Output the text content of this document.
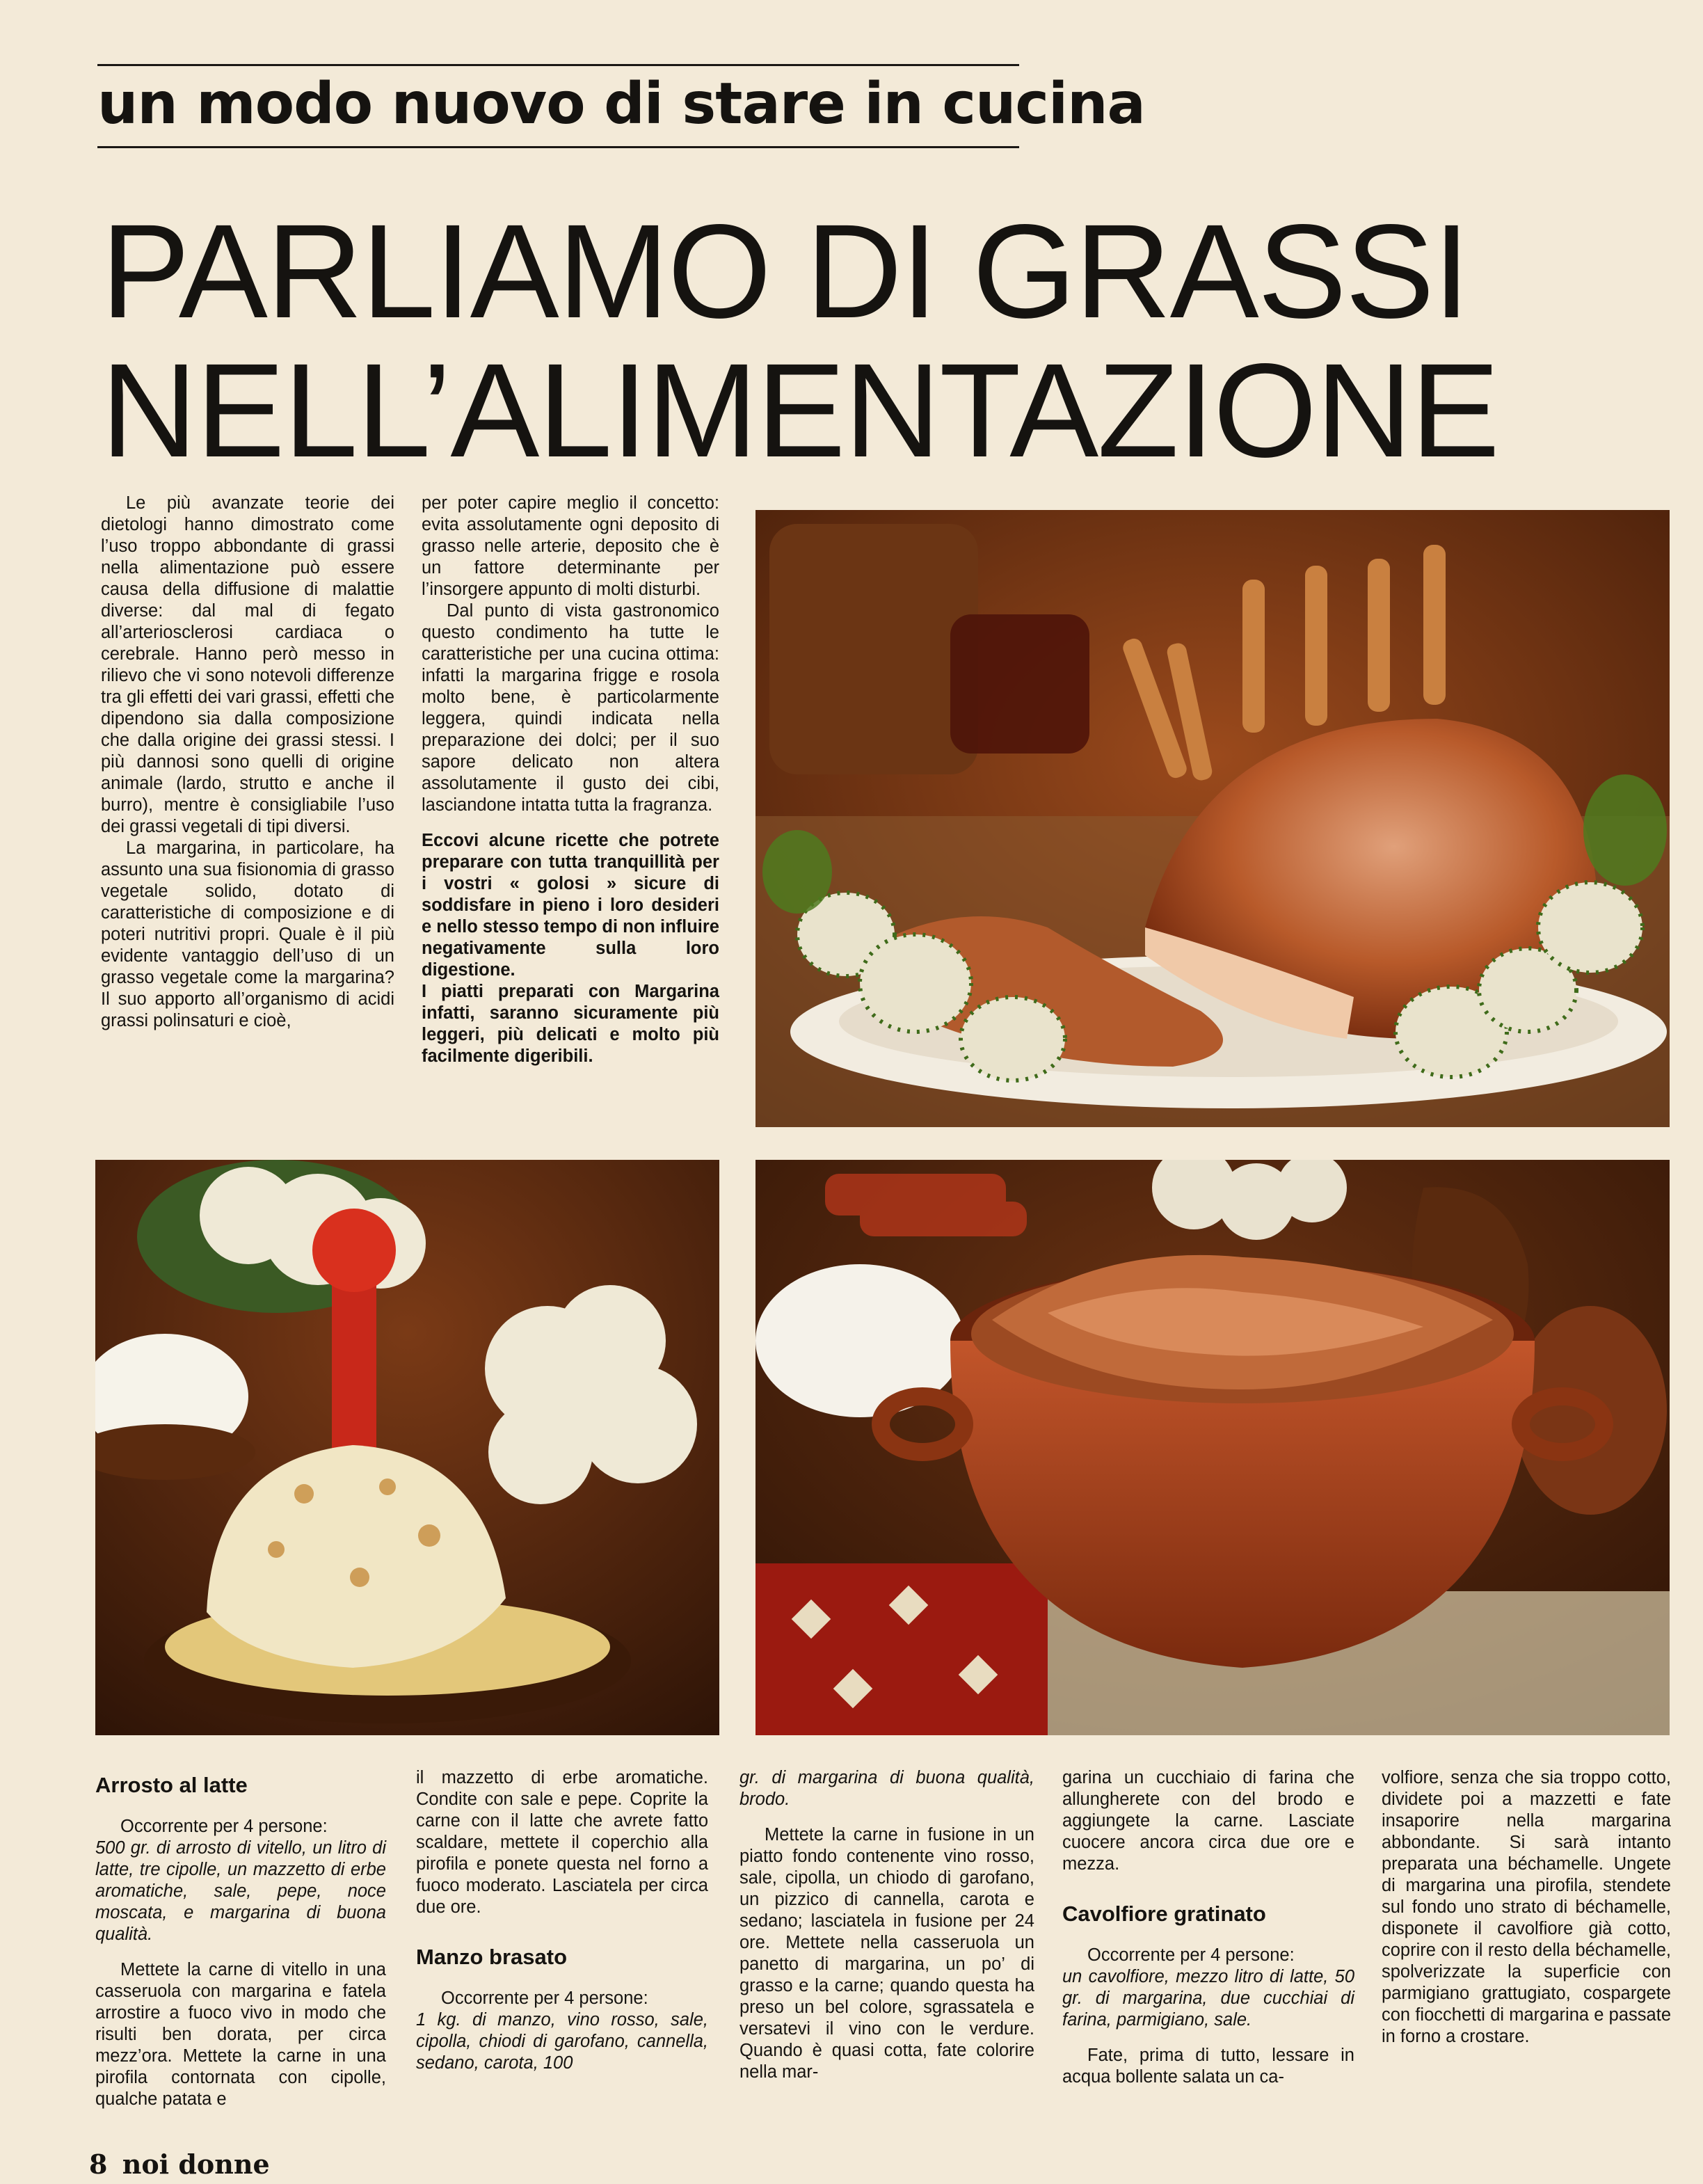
un modo nuovo di stare in cucina
PARLIAMO DI GRASSI
NELL’ALIMENTAZIONE

Le più avanzate teorie dei dietologi hanno dimostrato come l’uso troppo abbondante di grassi nella alimentazione può essere causa della diffusione di malattie diverse: dal mal di fegato all’arteriosclerosi cardiaca o cerebrale. Hanno però messo in rilievo che vi sono notevoli differenze tra gli effetti dei vari grassi, effetti che dipendono sia dalla composizione che dalla origine dei grassi stessi. I più dannosi sono quelli di origine animale (lardo, strutto e anche il burro), mentre è consigliabile l’uso dei grassi vegetali di tipi diversi.

La margarina, in particolare, ha assunto una sua fisionomia di grasso vegetale solido, dotato di caratteristiche di composizione e di poteri nutritivi propri. Quale è il più evidente vantaggio dell’uso di un grasso vegetale come la margarina? Il suo apporto all’organismo di acidi grassi polinsaturi e cioè,

per poter capire meglio il concetto: evita assolutamente ogni deposito di grasso nelle arterie, deposito che è un fattore determinante per l’insorgere appunto di molti disturbi.

Dal punto di vista gastronomico questo condimento ha tutte le caratteristiche per una cucina ottima: infatti la margarina frigge e rosola molto bene, è particolarmente leggera, quindi indicata nella preparazione dei dolci; per il suo sapore delicato non altera assolutamente il gusto dei cibi, lasciandone intatta tutta la fragranza.

Eccovi alcune ricette che potrete preparare con tutta tranquillità per i vostri « golosi » sicure di soddisfare in pieno i loro desideri e nello stesso tempo di non influire negativamente sulla loro digestione.

I piatti preparati con Margarina infatti, saranno sicuramente più leggeri, più delicati e molto più facilmente digeribili.

Arrosto al latte

Occorrente per 4 persone:

500 gr. di arrosto di vitello, un litro di latte, tre cipolle, un mazzetto di erbe aromatiche, sale, pepe, noce moscata, e margarina di buona qualità.

Mettete la carne di vitello in una casseruola con margarina e fatela arrostire a fuoco vivo in modo che risulti ben dorata, per circa mezz’ora. Mettete la carne in una pirofila contornata con cipolle, qualche patata e

il mazzetto di erbe aromatiche. Condite con sale e pepe. Coprite la carne con il latte che avrete fatto scaldare, mettete il coperchio alla pirofila e ponete questa nel forno a fuoco moderato. Lasciatela per circa due ore.

Manzo brasato

Occorrente per 4 persone:

1 kg. di manzo, vino rosso, sale, cipolla, chiodi di garofano, cannella, sedano, carota, 100

gr. di margarina di buona qualità, brodo.

Mettete la carne in fusione in un piatto fondo contenente vino rosso, sale, cipolla, un chiodo di garofano, un pizzico di cannella, carota e sedano; lasciatela in fusione per 24 ore. Mettete nella casseruola un panetto di margarina, un po’ di grasso e la carne; quando questa ha preso un bel colore, sgrassatela e versatevi il vino con le verdure. Quando è quasi cotta, fate colorire nella mar-

garina un cucchiaio di farina che allungherete con del brodo e aggiungete la carne. Lasciate cuocere ancora circa due ore e mezza.

Cavolfiore gratinato

Occorrente per 4 persone:

un cavolfiore, mezzo litro di latte, 50 gr. di margarina, due cucchiai di farina, parmigiano, sale.

Fate, prima di tutto, lessare in acqua bollente salata un ca-

volfiore, senza che sia troppo cotto, dividete poi a mazzetti e fate insaporire nella margarina abbondante. Si sarà intanto preparata una béchamelle. Ungete di margarina una pirofila, stendete sul fondo uno strato di béchamelle, disponete il cavolfiore già cotto, coprire con il resto della béchamelle, spolverizzate la superficie con parmigiano grattugiato, cospargete con fiocchetti di margarina e passate in forno a crostare.

8 noi donne
